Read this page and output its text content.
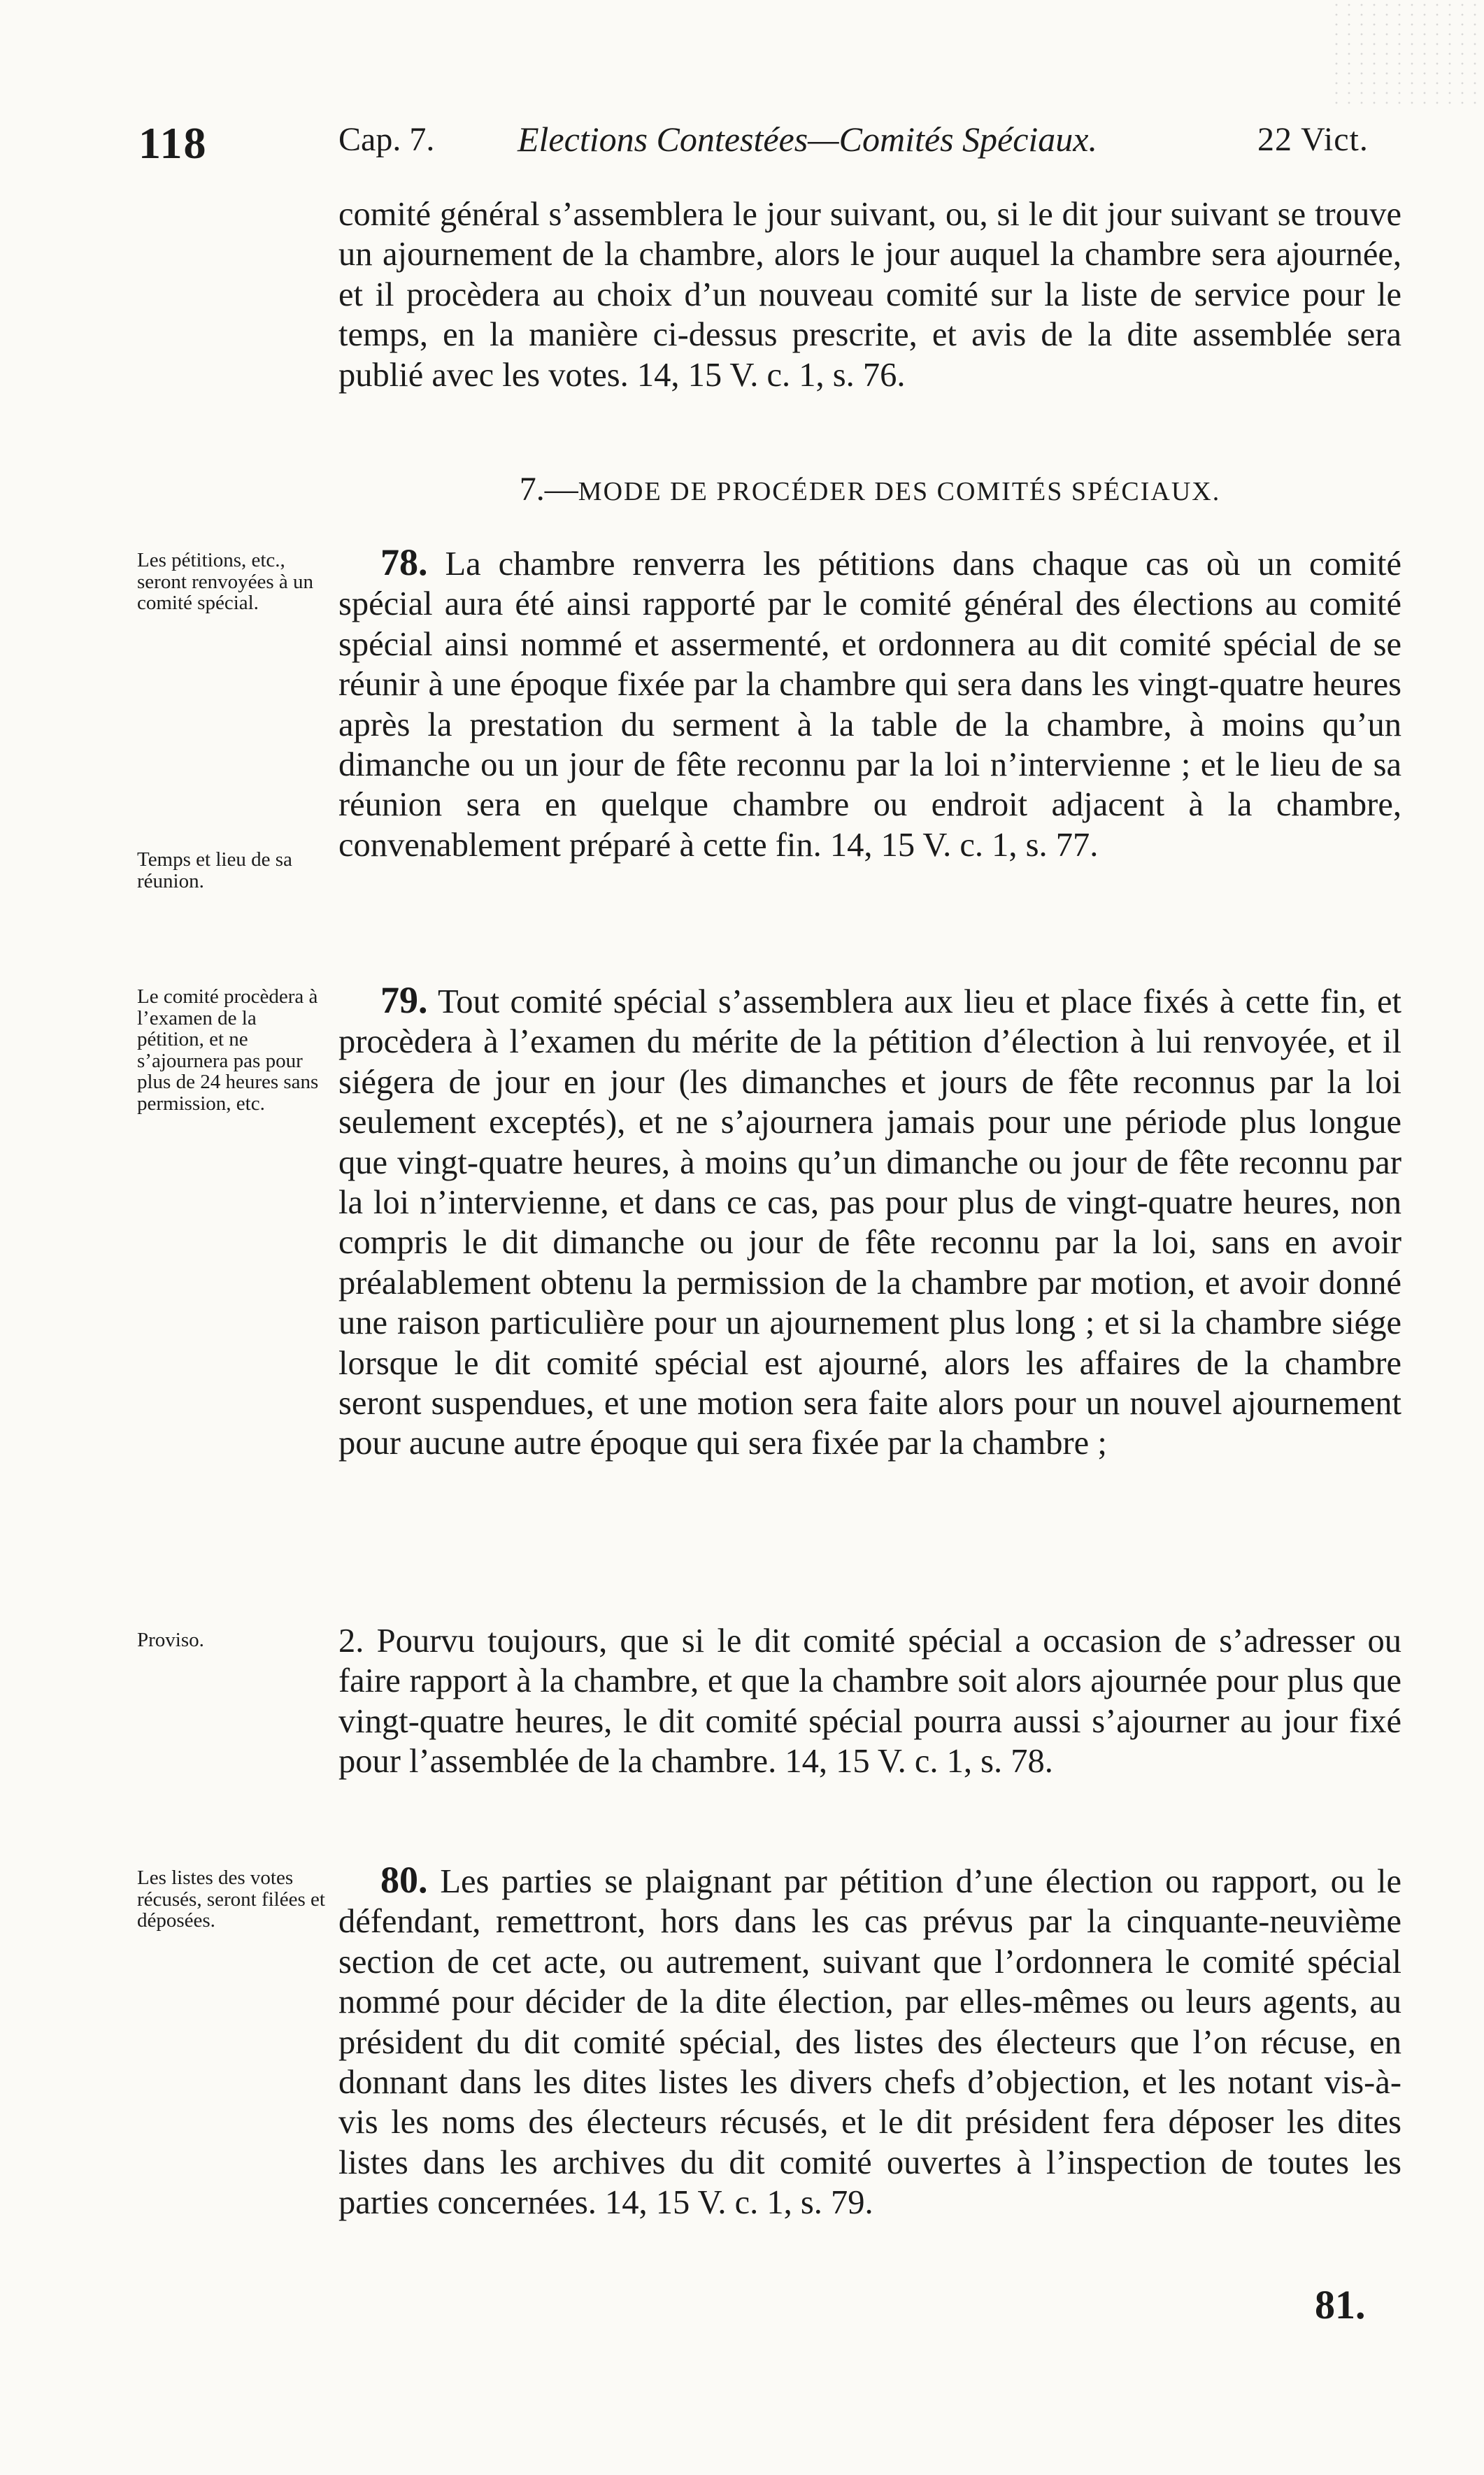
118	Cap. 7. Elections Contestées—Comités Spéciaux.	22 Vict.

comité général s’assemblera le jour suivant, ou, si le dit jour suivant se trouve un ajournement de la chambre, alors le jour auquel la chambre sera ajournée, et il procèdera au choix d’un nouveau comité sur la liste de service pour le temps, en la manière ci-dessus prescrite, et avis de la dite assemblée sera publié avec les votes. 14, 15 V. c. 1, s. 76.

7.—MODE DE PROCÉDER DES COMITÉS SPÉCIAUX.

78. La chambre renverra les pétitions dans chaque cas où un comité spécial aura été ainsi rapporté par le comité général des élections au comité spécial ainsi nommé et assermenté, et ordonnera au dit comité spécial de se réunir à une époque fixée par la chambre qui sera dans les vingt-quatre heures après la prestation du serment à la table de la chambre, à moins qu’un dimanche ou un jour de fête reconnu par la loi n’intervienne ; et le lieu de sa réunion sera en quelque chambre ou endroit adjacent à la chambre, convenablement préparé à cette fin. 14, 15 V. c. 1, s. 77.

79. Tout comité spécial s’assemblera aux lieu et place fixés à cette fin, et procèdera à l’examen du mérite de la pétition d’élection à lui renvoyée, et il siégera de jour en jour (les dimanches et jours de fête reconnus par la loi seulement exceptés), et ne s’ajournera jamais pour une période plus longue que vingt-quatre heures, à moins qu’un dimanche ou jour de fête reconnu par la loi n’intervienne, et dans ce cas, pas pour plus de vingt-quatre heures, non compris le dit dimanche ou jour de fête reconnu par la loi, sans en avoir préalablement obtenu la permission de la chambre par motion, et avoir donné une raison particulière pour un ajournement plus long ; et si la chambre siége lorsque le dit comité spécial est ajourné, alors les affaires de la chambre seront suspendues, et une motion sera faite alors pour un nouvel ajournement pour aucune autre époque qui sera fixée par la chambre ;

2. Pourvu toujours, que si le dit comité spécial a occasion de s’adresser ou faire rapport à la chambre, et que la chambre soit alors ajournée pour plus que vingt-quatre heures, le dit comité spécial pourra aussi s’ajourner au jour fixé pour l’assemblée de la chambre. 14, 15 V. c. 1, s. 78.

80. Les parties se plaignant par pétition d’une élection ou rapport, ou le défendant, remettront, hors dans les cas prévus par la cinquante-neuvième section de cet acte, ou autrement, suivant que l’ordonnera le comité spécial nommé pour décider de la dite élection, par elles-mêmes ou leurs agents, au président du dit comité spécial, des listes des électeurs que l’on récuse, en donnant dans les dites listes les divers chefs d’objection, et les notant vis-à-vis les noms des électeurs récusés, et le dit président fera déposer les dites listes dans les archives du dit comité ouvertes à l’inspection de toutes les parties concernées. 14, 15 V. c. 1, s. 79.

Les pétitions, etc., seront renvoyées à un comité spécial.
Temps et lieu de sa réunion.
Le comité procèdera à l’examen de la pétition, et ne s’ajournera pas pour plus de 24 heures sans permission, etc.
Proviso.
Les listes des votes récusés, seront filées et déposées.
81.
